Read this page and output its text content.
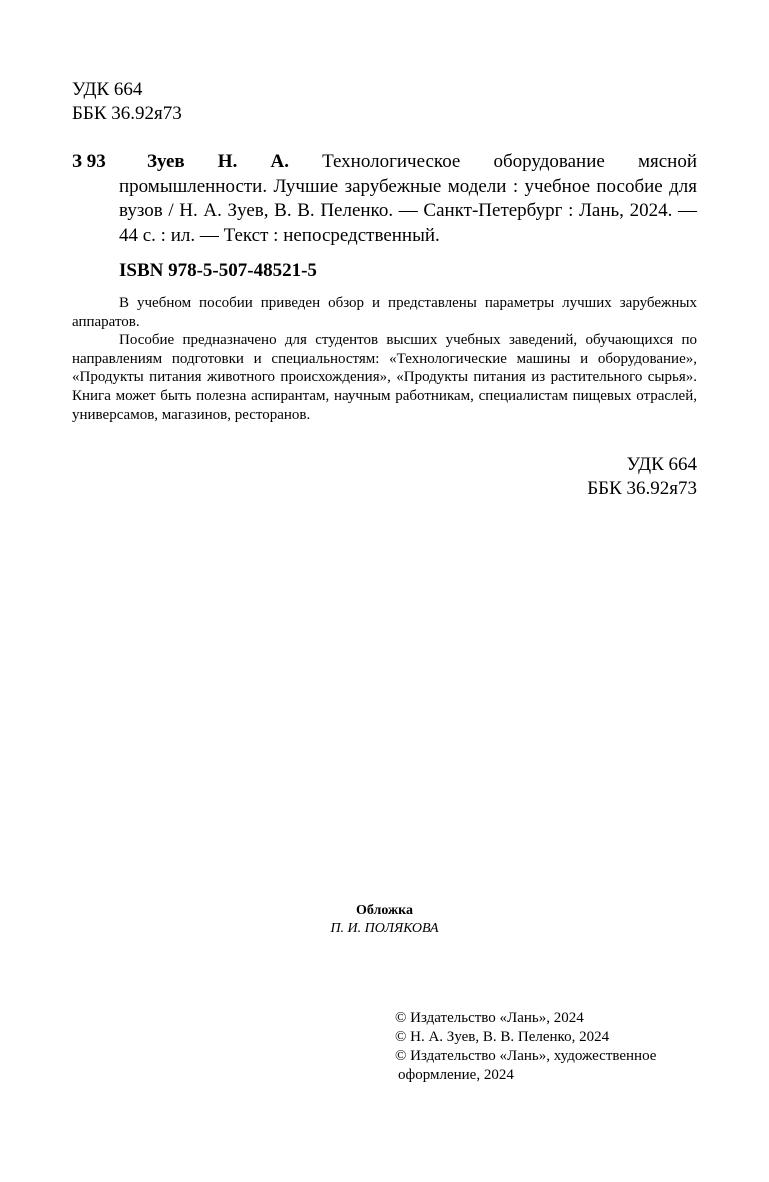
УДК 664
ББК 36.92я73
З 93	Зуев Н. А. Технологическое оборудование мясной промышленности. Лучшие зарубежные модели : учебное пособие для вузов / Н. А. Зуев, В. В. Пеленко. — Санкт-Петербург : Лань, 2024. — 44 с. : ил. — Текст : непосредственный.
ISBN 978-5-507-48521-5

В учебном пособии приведен обзор и представлены параметры лучших зарубежных аппаратов.

Пособие предназначено для студентов высших учебных заведений, обучающихся по направлениям подготовки и специальностям: «Технологические машины и оборудование», «Продукты питания животного происхождения», «Продукты питания из растительного сырья». Книга может быть полезна аспирантам, научным работникам, специалистам пищевых отраслей, универсамов, магазинов, ресторанов.

УДК 664
ББК 36.92я73
Обложка
П. И. ПОЛЯКОВА
© Издательство «Лань», 2024
© Н. А. Зуев, В. В. Пеленко, 2024
© Издательство «Лань», художественное
оформление, 2024
